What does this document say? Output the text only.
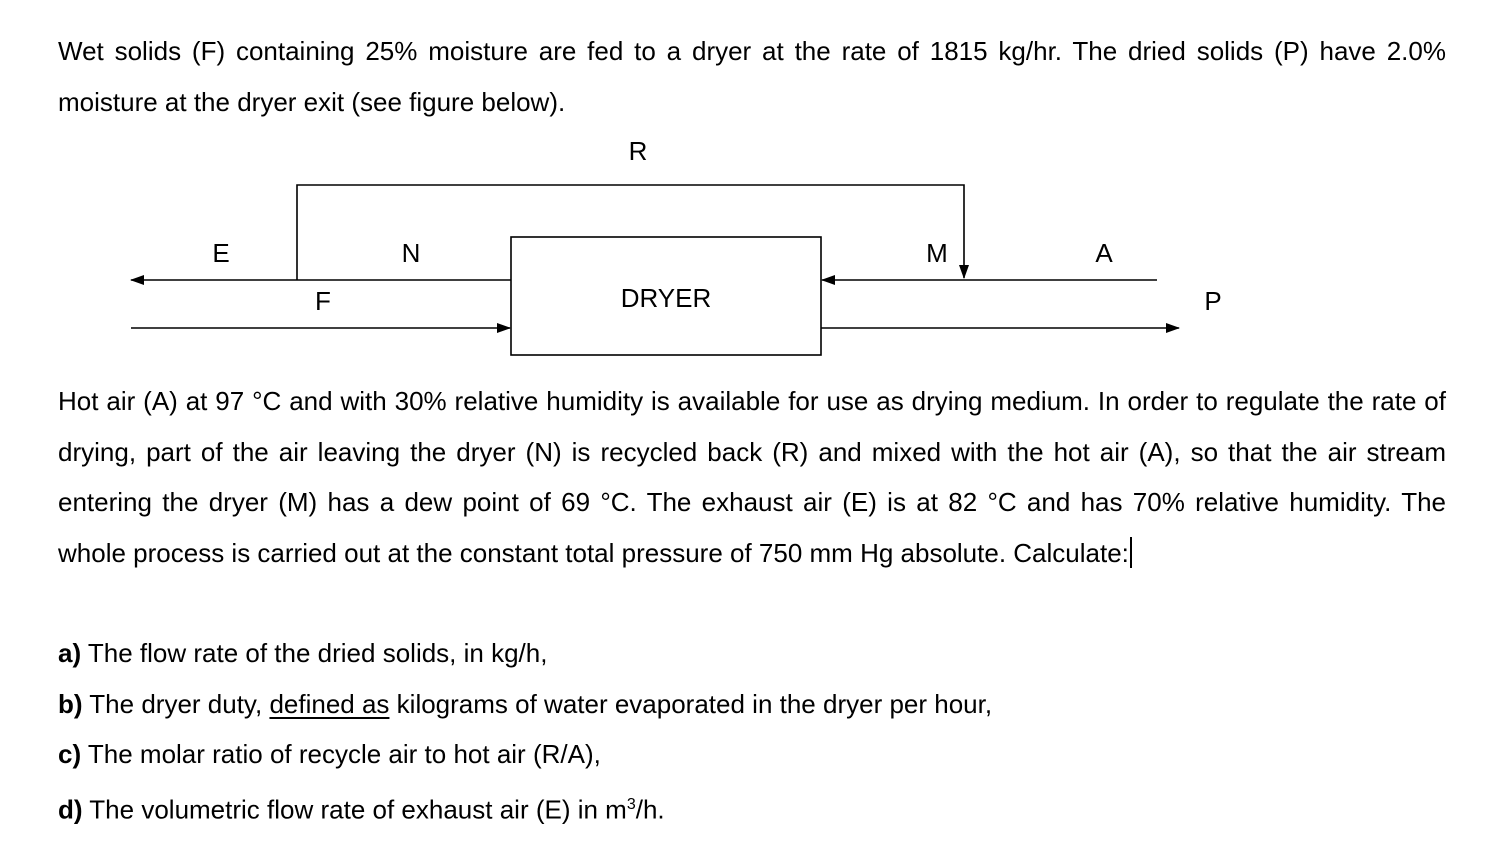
Wet solids (F) containing 25% moisture are fed to a dryer at the rate of 1815 kg/hr. The dried solids (P) have 2.0% moisture at the dryer exit (see figure below).
DRYER
R
E	N	M	A
F	P
Hot air (A) at 97 °C and with 30% relative humidity is available for use as drying medium. In order to regulate the rate of drying, part of the air leaving the dryer (N) is recycled back (R) and mixed with the hot air (A), so that the air stream entering the dryer (M) has a dew point of 69 °C. The exhaust air (E) is at 82 °C and has 70% relative humidity. The whole process is carried out at the constant total pressure of 750 mm Hg absolute. Calculate:
a) The flow rate of the dried solids, in kg/h,
b) The dryer duty, defined as kilograms of water evaporated in the dryer per hour,
c) The molar ratio of recycle air to hot air (R/A),
d) The volumetric flow rate of exhaust air (E) in $m^3/h$.
